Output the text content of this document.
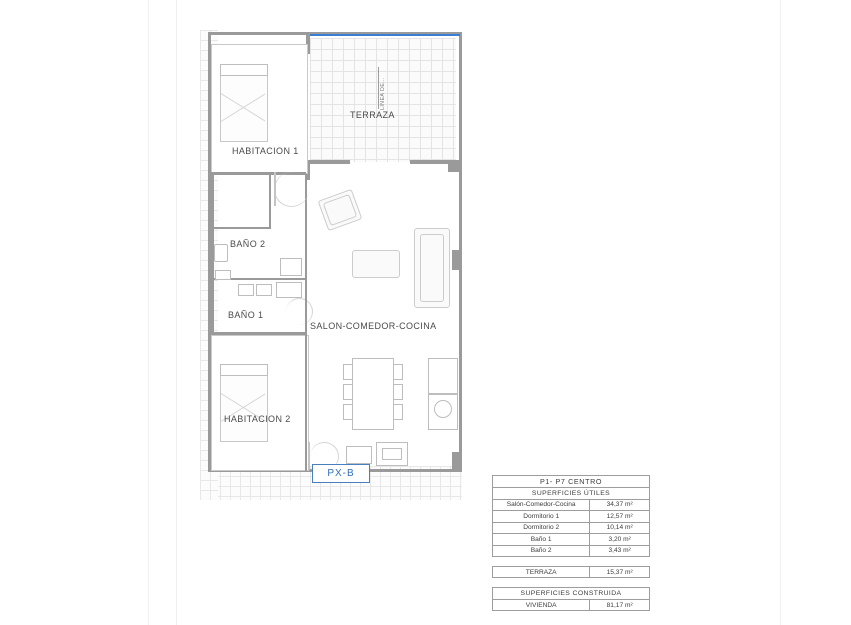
LINEA DE...
TERRAZA
HABITACION 1
BAÑO 2
BAÑO 1
HABITACION 2
SALON-COMEDOR-COCINA
PX-B
P1- P7 CENTRO	
SUPERFICIES ÚTILES	
Salón-Comedor-Cocina	34,37 m²
Dormitorio 1	12,57 m²
Dormitorio 2	10,14 m²
Baño 1	3,20 m²
Baño 2	3,43 m²
TERRAZA	15,37 m²
SUPERFICIES CONSTRUIDA
VIVIENDA	81,17 m²
